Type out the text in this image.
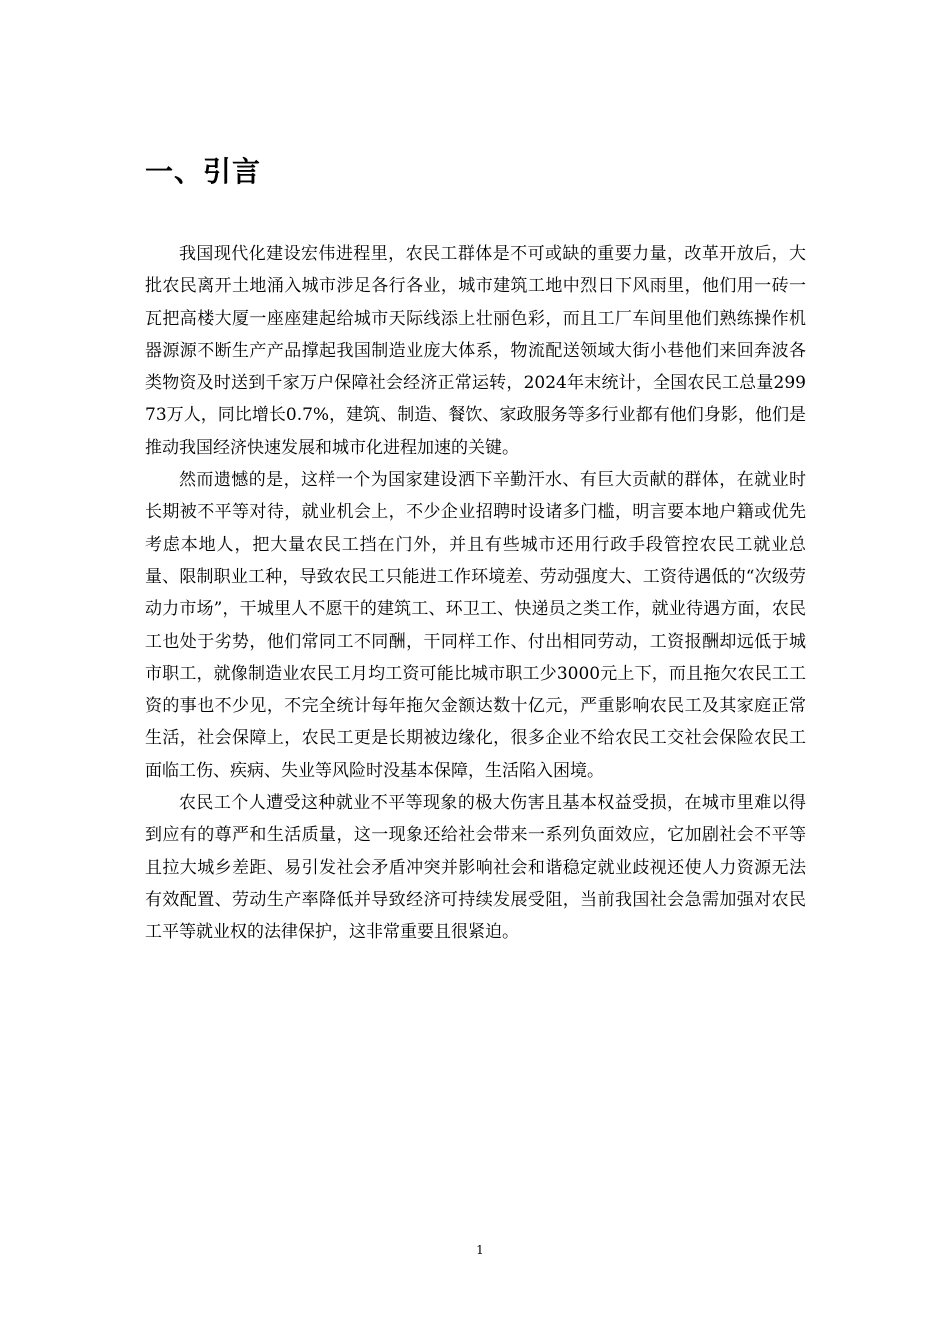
一、引言

我国现代化建设宏伟进程里，农民工群体是不可或缺的重要力量，改革开放后，大批农民离开土地涌入城市涉足各行各业，城市建筑工地中烈日下风雨里，他们用一砖一瓦把高楼大厦一座座建起给城市天际线添上壮丽色彩，而且工厂车间里他们熟练操作机器源源不断生产产品撑起我国制造业庞大体系，物流配送领域大街小巷他们来回奔波各类物资及时送到千家万户保障社会经济正常运转，2024年末统计，全国农民工总量29973万人，同比增长0.7%，建筑、制造、餐饮、家政服务等多行业都有他们身影，他们是推动我国经济快速发展和城市化进程加速的关键。

然而遗憾的是，这样一个为国家建设洒下辛勤汗水、有巨大贡献的群体，在就业时长期被不平等对待，就业机会上，不少企业招聘时设诸多门槛，明言要本地户籍或优先考虑本地人，把大量农民工挡在门外，并且有些城市还用行政手段管控农民工就业总量、限制职业工种，导致农民工只能进工作环境差、劳动强度大、工资待遇低的“次级劳动力市场”，干城里人不愿干的建筑工、环卫工、快递员之类工作，就业待遇方面，农民工也处于劣势，他们常同工不同酬，干同样工作、付出相同劳动，工资报酬却远低于城市职工，就像制造业农民工月均工资可能比城市职工少3000元上下，而且拖欠农民工工资的事也不少见，不完全统计每年拖欠金额达数十亿元，严重影响农民工及其家庭正常生活，社会保障上，农民工更是长期被边缘化，很多企业不给农民工交社会保险农民工面临工伤、疾病、失业等风险时没基本保障，生活陷入困境。

农民工个人遭受这种就业不平等现象的极大伤害且基本权益受损，在城市里难以得到应有的尊严和生活质量，这一现象还给社会带来一系列负面效应，它加剧社会不平等且拉大城乡差距、易引发社会矛盾冲突并影响社会和谐稳定就业歧视还使人力资源无法有效配置、劳动生产率降低并导致经济可持续发展受阻，当前我国社会急需加强对农民工平等就业权的法律保护，这非常重要且很紧迫。

1
